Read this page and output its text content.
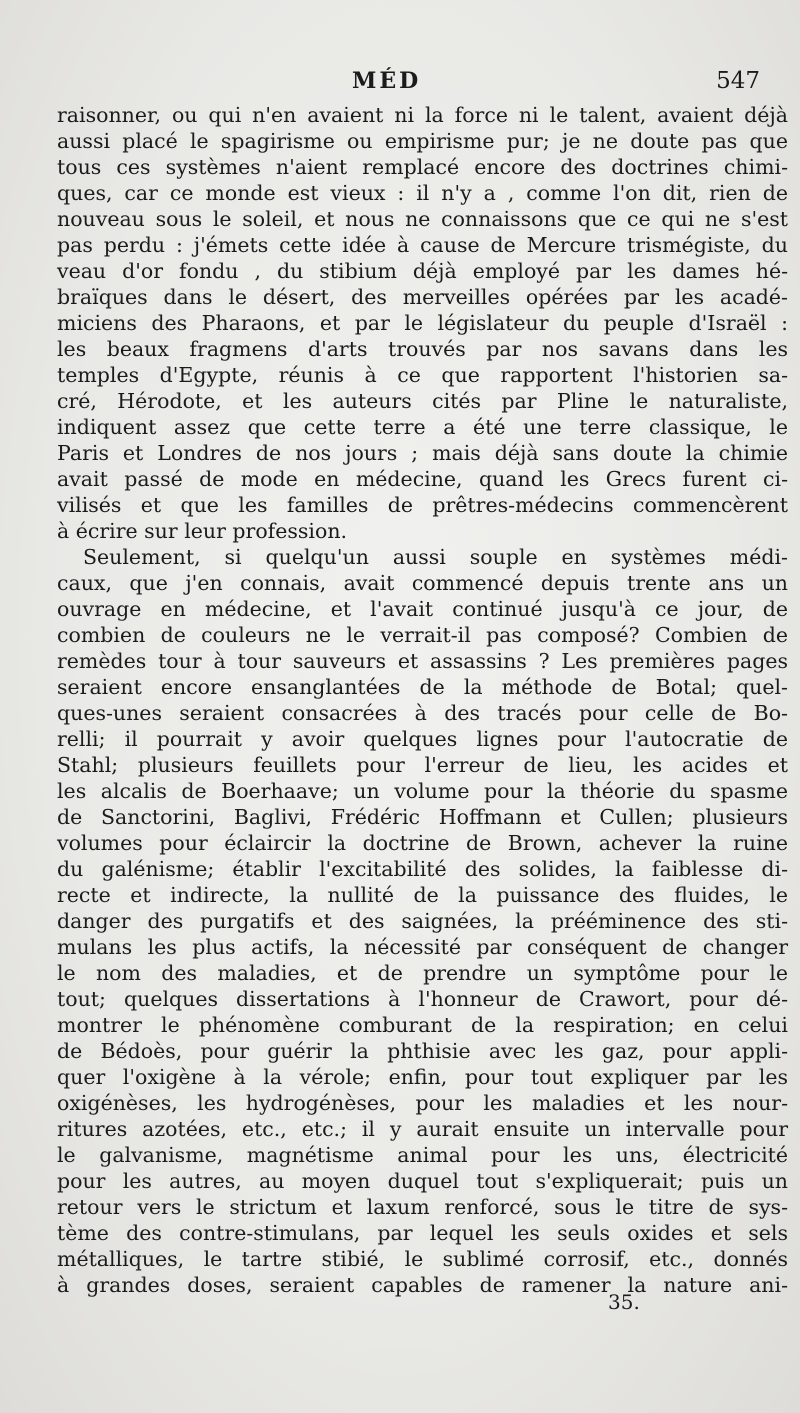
MÉD	547
raisonner, ou qui n'en avaient ni la force ni le talent, avaient déjà
aussi placé le spagirisme ou empirisme pur; je ne doute pas que
tous ces systèmes n'aient remplacé encore des doctrines chimi-
ques, car ce monde est vieux : il n'y a , comme l'on dit, rien de
nouveau sous le soleil, et nous ne connaissons que ce qui ne s'est
pas perdu : j'émets cette idée à cause de Mercure trismégiste, du
veau d'or fondu , du stibium déjà employé par les dames hé-
braïques dans le désert, des merveilles opérées par les acadé-
miciens des Pharaons, et par le législateur du peuple d'Israël :
les beaux fragmens d'arts trouvés par nos savans dans les
temples d'Egypte, réunis à ce que rapportent l'historien sa-
cré, Hérodote, et les auteurs cités par Pline le naturaliste,
indiquent assez que cette terre a été une terre classique, le
Paris et Londres de nos jours ; mais déjà sans doute la chimie
avait passé de mode en médecine, quand les Grecs furent ci-
vilisés et que les familles de prêtres-médecins commencèrent
à écrire sur leur profession.
Seulement, si quelqu'un aussi souple en systèmes médi-
caux, que j'en connais, avait commencé depuis trente ans un
ouvrage en médecine, et l'avait continué jusqu'à ce jour, de
combien de couleurs ne le verrait-il pas composé? Combien de
remèdes tour à tour sauveurs et assassins ? Les premières pages
seraient encore ensanglantées de la méthode de Botal; quel-
ques-unes seraient consacrées à des tracés pour celle de Bo-
relli; il pourrait y avoir quelques lignes pour l'autocratie de
Stahl; plusieurs feuillets pour l'erreur de lieu, les acides et
les alcalis de Boerhaave; un volume pour la théorie du spasme
de Sanctorini, Baglivi, Frédéric Hoffmann et Cullen; plusieurs
volumes pour éclaircir la doctrine de Brown, achever la ruine
du galénisme; établir l'excitabilité des solides, la faiblesse di-
recte et indirecte, la nullité de la puissance des fluides, le
danger des purgatifs et des saignées, la prééminence des sti-
mulans les plus actifs, la nécessité par conséquent de changer
le nom des maladies, et de prendre un symptôme pour le
tout; quelques dissertations à l'honneur de Crawort, pour dé-
montrer le phénomène comburant de la respiration; en celui
de Bédoès, pour guérir la phthisie avec les gaz, pour appli-
quer l'oxigène à la vérole; enfin, pour tout expliquer par les
oxigénèses, les hydrogénèses, pour les maladies et les nour-
ritures azotées, etc., etc.; il y aurait ensuite un intervalle pour
le galvanisme, magnétisme animal pour les uns, électricité
pour les autres, au moyen duquel tout s'expliquerait; puis un
retour vers le strictum et laxum renforcé, sous le titre de sys-
tème des contre-stimulans, par lequel les seuls oxides et sels
métalliques, le tartre stibié, le sublimé corrosif, etc., donnés
à grandes doses, seraient capables de ramener la nature ani-
35.
